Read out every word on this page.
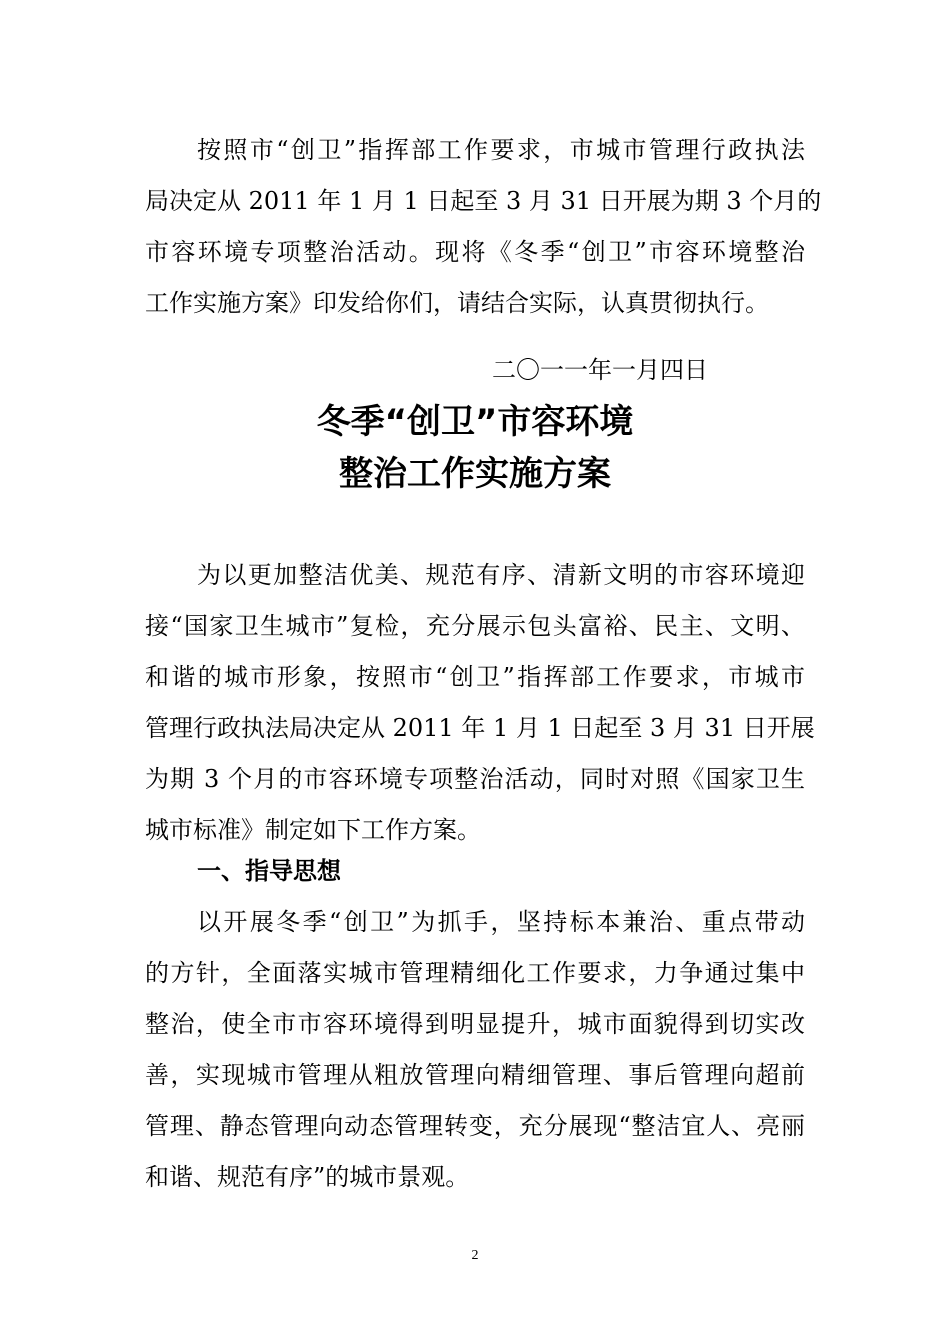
按照市“创卫”指挥部工作要求，市城市管理行政执法
局决定从 2011 年 1 月 1 日起至 3 月 31 日开展为期 3 个月的
市容环境专项整治活动。现将《冬季“创卫”市容环境整治
工作实施方案》印发给你们，请结合实际，认真贯彻执行。
二〇一一年一月四日
冬季“创卫”市容环境
整治工作实施方案
为以更加整洁优美、规范有序、清新文明的市容环境迎
接“国家卫生城市”复检，充分展示包头富裕、民主、文明、
和谐的城市形象，按照市“创卫”指挥部工作要求，市城市
管理行政执法局决定从 2011 年 1 月 1 日起至 3 月 31 日开展
为期 3 个月的市容环境专项整治活动，同时对照《国家卫生
城市标准》制定如下工作方案。
一、指导思想
以开展冬季“创卫”为抓手，坚持标本兼治、重点带动
的方针，全面落实城市管理精细化工作要求，力争通过集中
整治，使全市市容环境得到明显提升，城市面貌得到切实改
善，实现城市管理从粗放管理向精细管理、事后管理向超前
管理、静态管理向动态管理转变，充分展现“整洁宜人、亮丽
和谐、规范有序”的城市景观。
2
